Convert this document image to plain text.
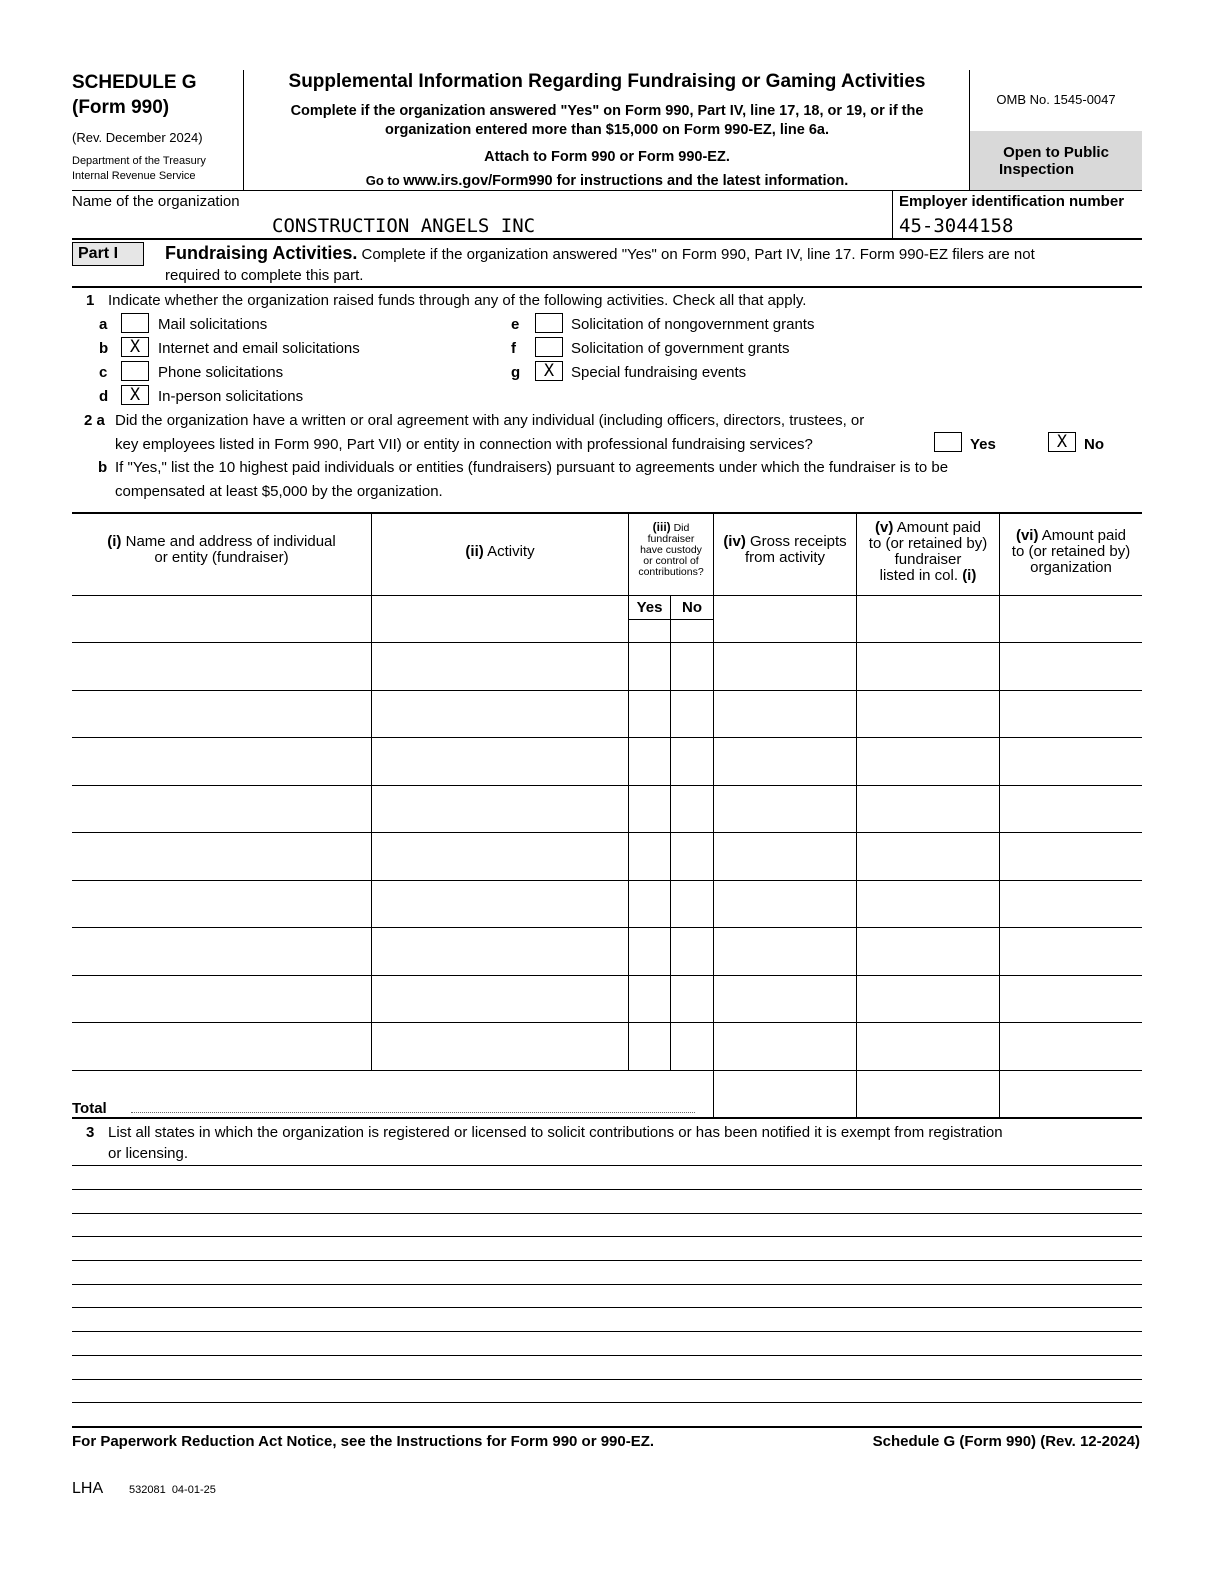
SCHEDULE G
(Form 990)
(Rev. December 2024)
Department of the Treasury
Internal Revenue Service
Supplemental Information Regarding Fundraising or Gaming Activities
Complete if the organization answered "Yes" on Form 990, Part IV, line 17, 18, or 19, or if the
organization entered more than $15,000 on Form 990-EZ, line 6a.
Attach to Form 990 or Form 990-EZ.
Go to www.irs.gov/Form990 for instructions and the latest information.
OMB No. 1545-0047
Open to Public
Inspection
Name of the organization
CONSTRUCTION ANGELS INC
Employer identification number
45-3044158
Part I	Fundraising Activities. Complete if the organization answered "Yes" on Form 990, Part IV, line 17. Form 990-EZ filers are not
required to complete this part.
1 Indicate whether the organization raised funds through any of the following activities. Check all that apply.
a	Mail solicitations
b	X	Internet and email solicitations
c	Phone solicitations
d	X	In-person solicitations
e	Solicitation of nongovernment grants
f	Solicitation of government grants
g	X	Special fundraising events
2 a Did the organization have a written or oral agreement with any individual (including officers, directors, trustees, or
key employees listed in Form 990, Part VII) or entity in connection with professional fundraising services?	Yes	X	No
b If "Yes," list the 10 highest paid individuals or entities (fundraisers) pursuant to agreements under which the fundraiser is to be
compensated at least $5,000 by the organization.
(i) Name and address of individual
or entity (fundraiser)	(ii) Activity
(iii) Did
fundraiser
have custody
or control of
contributions?
(iv) Gross receipts
from activity
(v) Amount paid
to (or retained by)
fundraiser
listed in col. (i)
(vi) Amount paid
to (or retained by)
organization
Yes	No
Total
3 List all states in which the organization is registered or licensed to solicit contributions or has been notified it is exempt from registration
or licensing.
For Paperwork Reduction Act Notice, see the Instructions for Form 990 or 990-EZ.	Schedule G (Form 990) (Rev. 12-2024)
LHA 532081  04-01-25
